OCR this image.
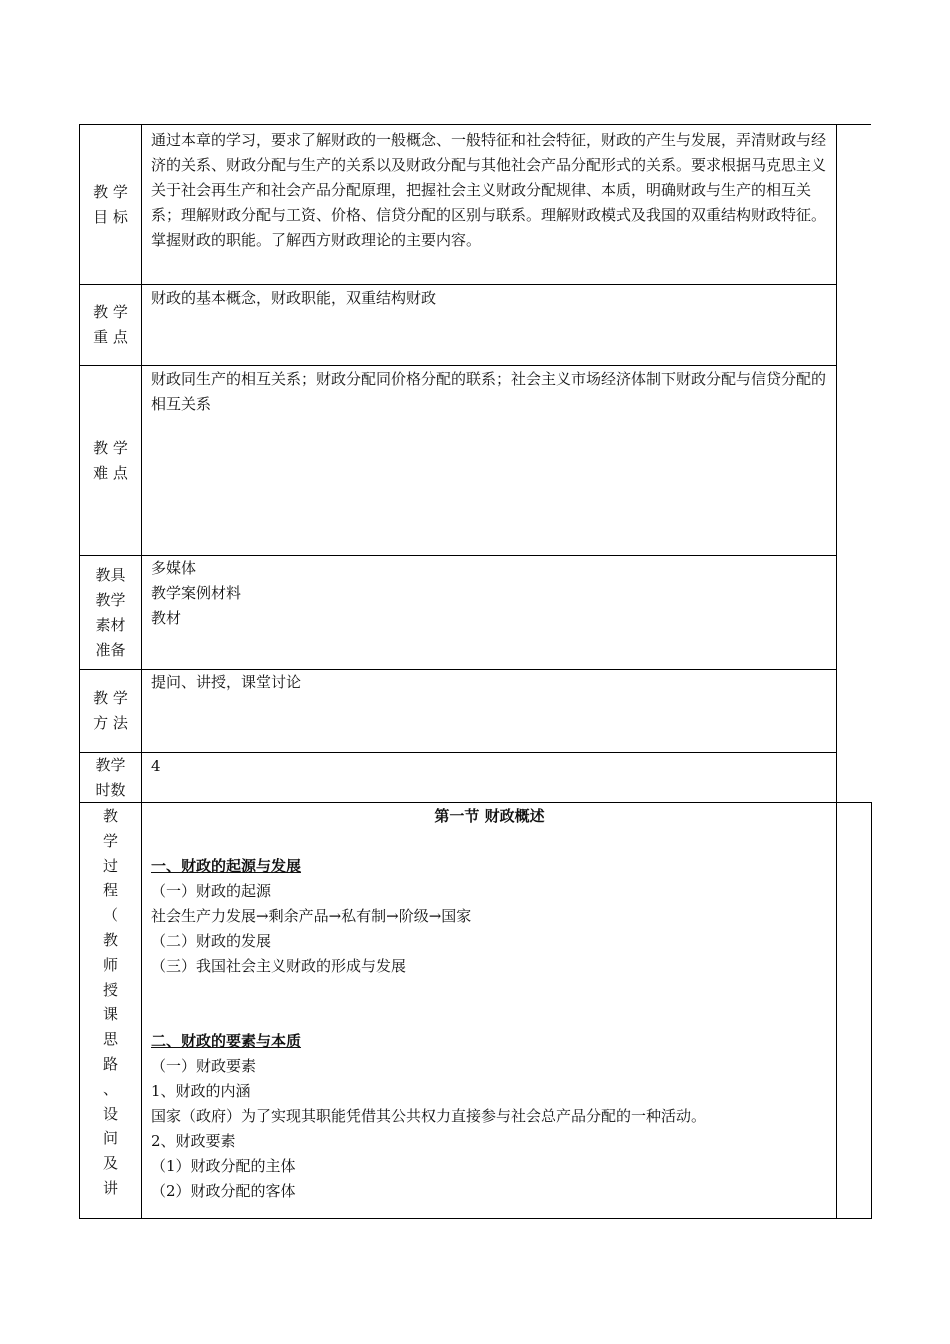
教 学
目 标

通过本章的学习，要求了解财政的一般概念、一般特征和社会特征，财政的产生与发展，弄清财政与经济的关系、财政分配与生产的关系以及财政分配与其他社会产品分配形式的关系。要求根据马克思主义关于社会再生产和社会产品分配原理，把握社会主义财政分配规律、本质，明确财政与生产的相互关系；理解财政分配与工资、价格、信贷分配的区别与联系。理解财政模式及我国的双重结构财政特征。掌握财政的职能。了解西方财政理论的主要内容。

教 学
重 点

财政的基本概念，财政职能，双重结构财政

教 学
难 点

财政同生产的相互关系；财政分配同价格分配的联系；社会主义市场经济体制下财政分配与信贷分配的相互关系

教具
教学
素材
准备

多媒体

教学案例材料

教材

教 学
方 法

提问、讲授，课堂讨论

教学
时数

4

教
学
过
程
（
教
师
授
课
思
路
、
设
问
及
讲

第一节 财政概述

一、财政的起源与发展

（一）财政的起源

社会生产力发展→剩余产品→私有制→阶级→国家

（二）财政的发展

（三）我国社会主义财政的形成与发展

二、财政的要素与本质

（一）财政要素

1、财政的内涵

国家（政府）为了实现其职能凭借其公共权力直接参与社会总产品分配的一种活动。

2、财政要素

（1）财政分配的主体

（2）财政分配的客体
